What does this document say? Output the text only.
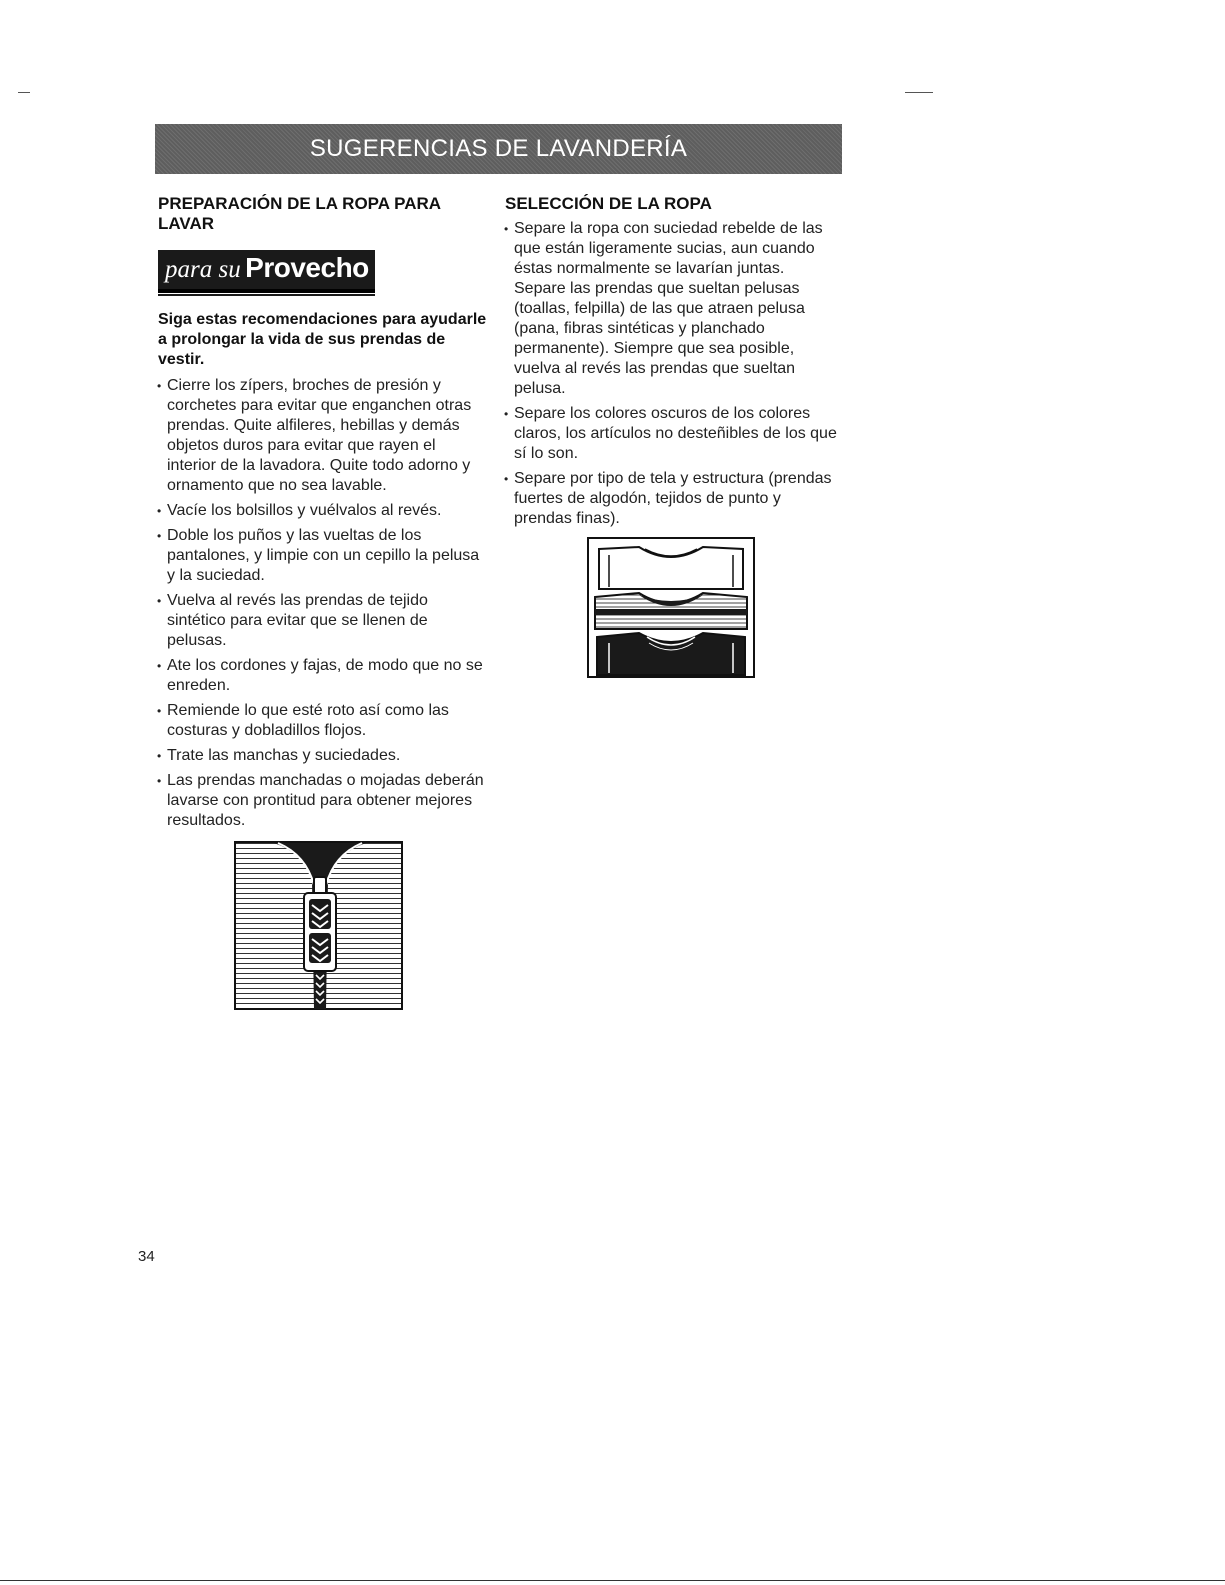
SUGERENCIAS DE LAVANDERÍA
PREPARACIÓN DE LA ROPA PARA LAVAR
para su Provecho

Siga estas recomendaciones para ayudarle a prolongar la vida de sus prendas de vestir.

• Cierre los zípers, broches de presión y corchetes para evitar que enganchen otras prendas. Quite alfileres, hebillas y demás objetos duros para evitar que rayen el interior de la lavadora. Quite todo adorno y ornamento que no sea lavable.
• Vacíe los bolsillos y vuélvalos al revés.
• Doble los puños y las vueltas de los pantalones, y limpie con un cepillo la pelusa y la suciedad.
• Vuelva al revés las prendas de tejido sintético para evitar que se llenen de pelusas.
• Ate los cordones y fajas, de modo que no se enreden.
• Remiende lo que esté roto así como las costuras y dobladillos flojos.
• Trate las manchas y suciedades.
• Las prendas manchadas o mojadas deberán lavarse con prontitud para obtener mejores resultados.
SELECCIÓN DE LA ROPA
• Separe la ropa con suciedad rebelde de las que están ligeramente sucias, aun cuando éstas normalmente se lavarían juntas. Separe las prendas que sueltan pelusas (toallas, felpilla) de las que atraen pelusa (pana, fibras sintéticas y planchado permanente). Siempre que sea posible, vuelva al revés las prendas que sueltan pelusa.
• Separe los colores oscuros de los colores claros, los artículos no desteñibles de los que sí lo son.
• Separe por tipo de tela y estructura (prendas fuertes de algodón, tejidos de punto y prendas finas).
34
